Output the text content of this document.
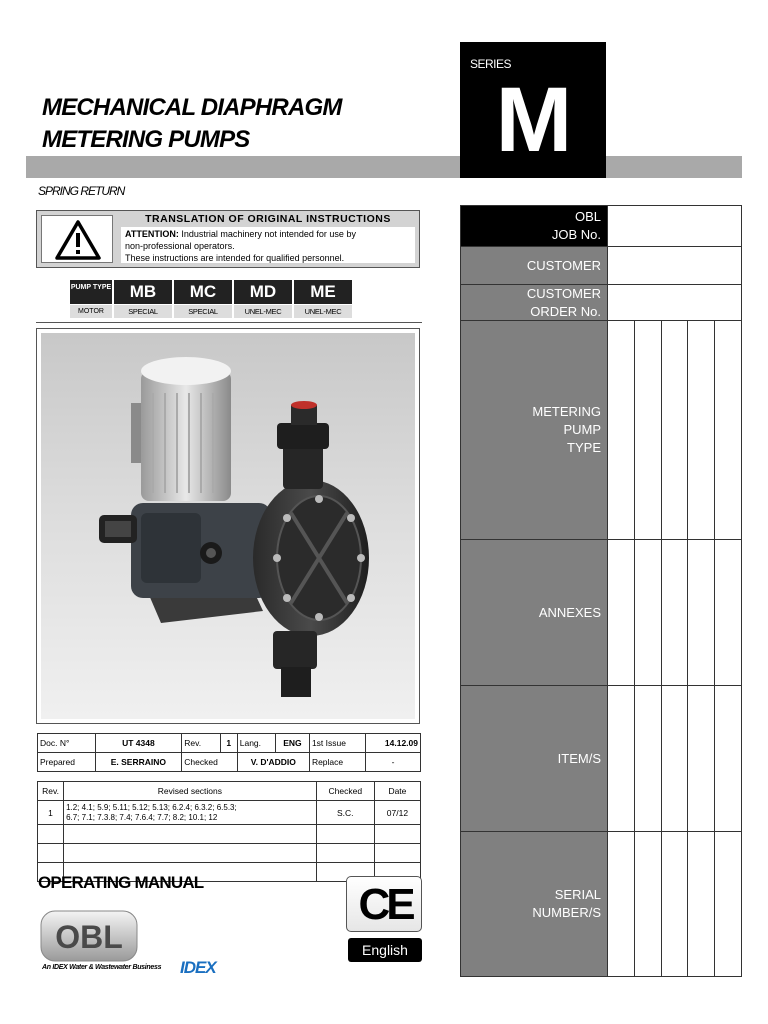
MECHANICAL DIAPHRAGM
METERING PUMPS
SERIES
M
SPRING RETURN
TRANSLATION OF ORIGINAL INSTRUCTIONS
ATTENTION: Industrial machinery not intended for use by
non-professional operators.
These instructions are intended for qualified personnel.
PUMP TYPE	MB	MC	MD	ME
MOTOR	SPECIAL	SPECIAL	UNEL-MEC	UNEL-MEC
Doc. N°	UT 4348	Rev.	1	Lang.	ENG	1st Issue	14.12.09
Prepared	E. SERRAINO	Checked		V. D'ADDIO		Replace	-
Rev.	Revised sections	Checked	Date
1	1.2; 4.1; 5.9; 5.11; 5.12; 5.13; 6.2.4; 6.3.2; 6.5.3;
6.7; 7.1; 7.3.8; 7.4; 7.6.4; 7.7; 8.2; 10.1; 12	S.C.	07/12

OPERATING MANUAL
OBL
An IDEX Water & Wastewater Business IDEX
CE
English
OBL
JOB No.
CUSTOMER
CUSTOMER
ORDER No.
METERING
PUMP
TYPE
ANNEXES
ITEM/S
SERIAL
NUMBER/S
